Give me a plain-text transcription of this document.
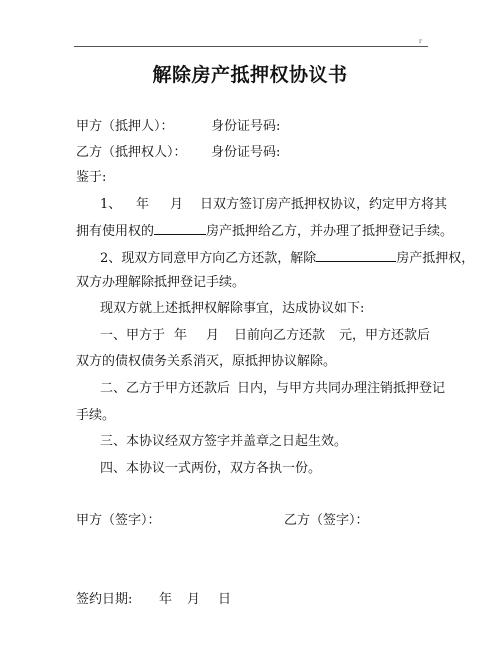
r
解除房产抵押权协议书
甲方（抵押人）：	身份证号码:
乙方（抵押权人）： 身份证号码:
鉴于:
1、 年 月 日双方签订房产抵押权协议，约定甲方将其
拥有使用权的	房产抵押给乙方，并办理了抵押登记手续。
2、现双方同意甲方向乙方还款，解除	房产抵押权，
双方办理解除抵押登记手续。
现双方就上述抵押权解除事宜，达成协议如下:
一、甲方于 年 月 日前向乙方还款 元，甲方还款后
双方的债权债务关系消灭，原抵押协议解除。
二、乙方于甲方还款后 日内，与甲方共同办理注销抵押登记
手续。
三、本协议经双方签字并盖章之日起生效。
四、本协议一式两份，双方各执一份。
甲方（签字）：	乙方（签字）：
签约日期: 年 月 日
